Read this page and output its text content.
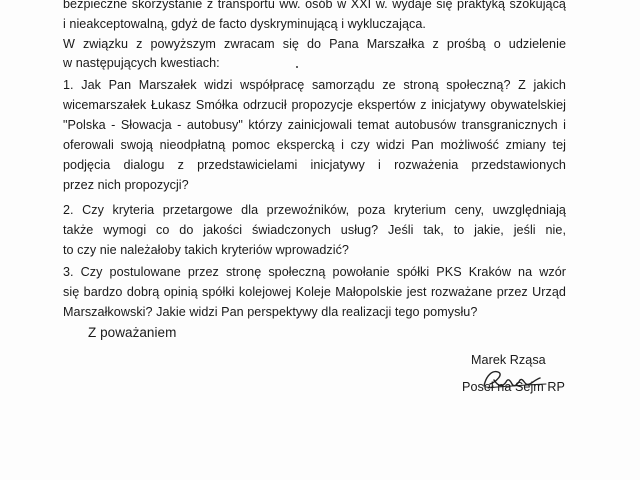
bezpieczne skorzystanie z transportu ww. osób w XXI w. wydaje się praktyką szokującą
i nieakceptowalną, gdyż de facto dyskryminującą i wykluczająca.
W związku z powyższym zwracam się do Pana Marszałka z prośbą o udzielenie
w następujących kwestiach:
1. Jak Pan Marszałek widzi współpracę samorządu ze stroną społeczną? Z jakich
wicemarszałek Łukasz Smółka odrzucił propozycje ekspertów z inicjatywy obywatelskiej
"Polska - Słowacja - autobusy" którzy zainicjowali temat autobusów transgranicznych i
oferowali swoją nieodpłatną pomoc ekspercką i czy widzi Pan możliwość zmiany tej
podjęcia dialogu z przedstawicielami inicjatywy i rozważenia przedstawionych
przez nich propozycji?
2. Czy kryteria przetargowe dla przewoźników, poza kryterium ceny, uwzględniają
także wymogi co do jakości świadczonych usług? Jeśli tak, to jakie, jeśli nie,
to czy nie należałoby takich kryteriów wprowadzić?
3. Czy postulowane przez stronę społeczną powołanie spółki PKS Kraków na wzór
się bardzo dobrą opinią spółki kolejowej Koleje Małopolskie jest rozważane przez Urząd
Marszałkowski? Jakie widzi Pan perspektywy dla realizacji tego pomysłu?
Z poważaniem
Marek Rząsa
Poseł na Sejm RP
